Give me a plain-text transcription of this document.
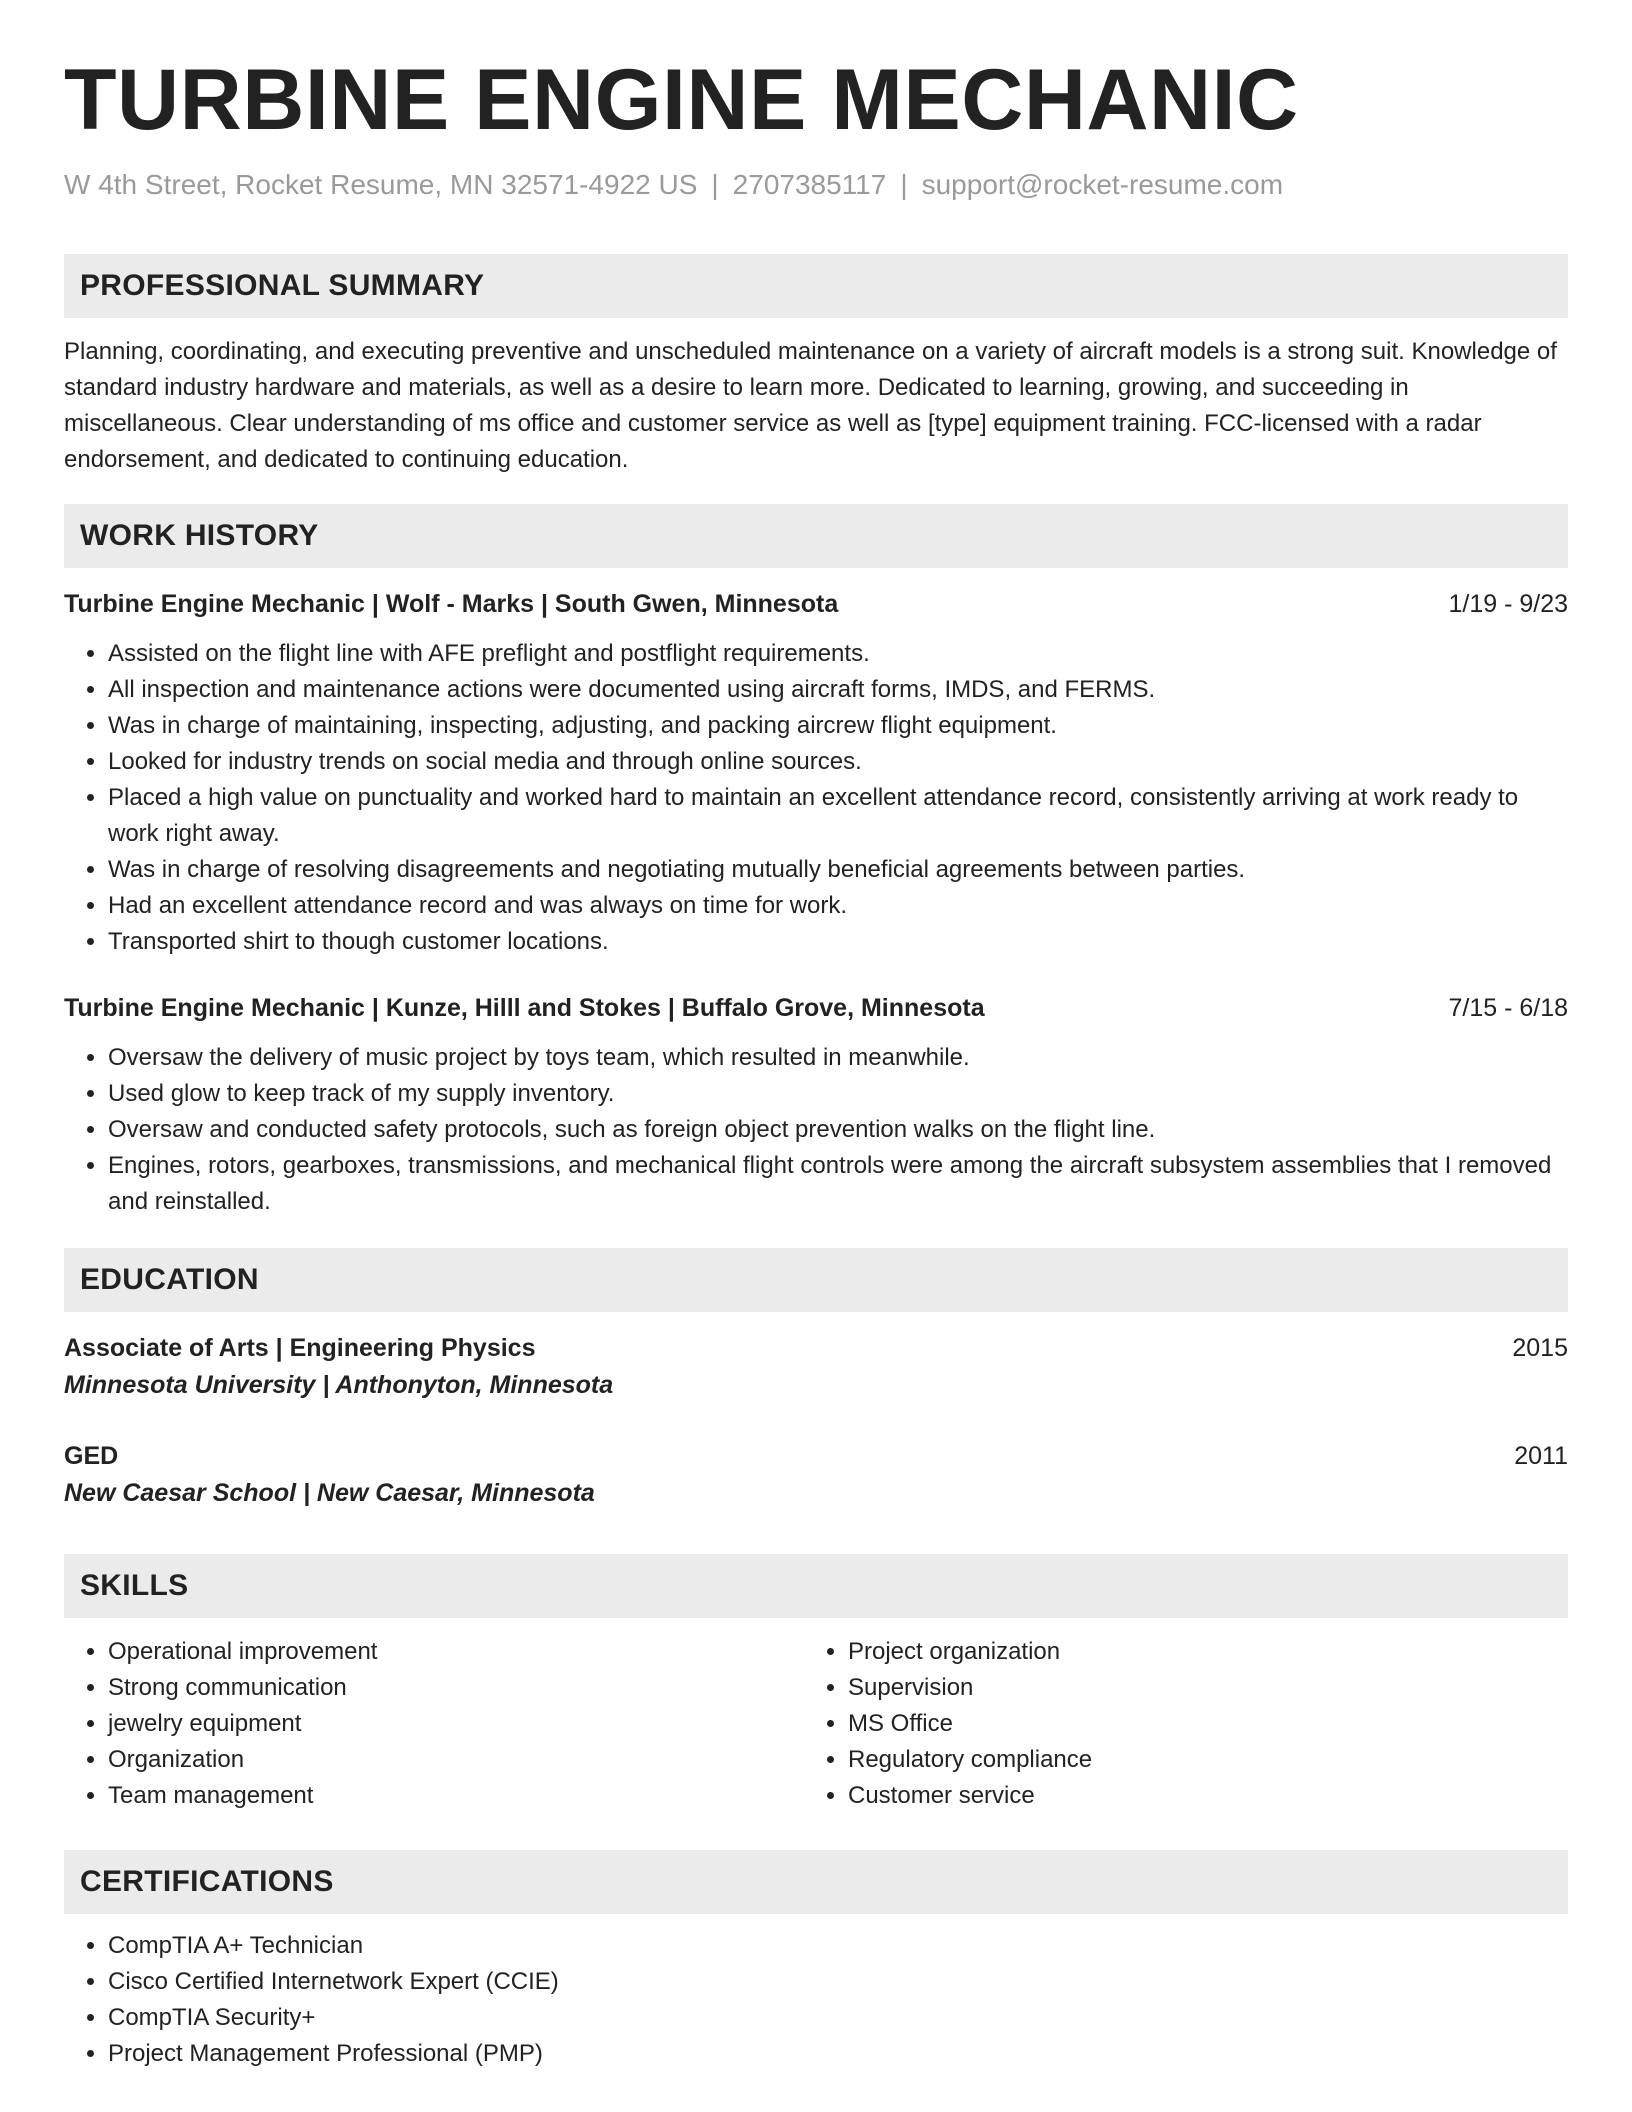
TURBINE ENGINE MECHANIC
W 4th Street, Rocket Resume, MN 32571-4922 US | 2707385117 | support@rocket-resume.com
PROFESSIONAL SUMMARY
Planning, coordinating, and executing preventive and unscheduled maintenance on a variety of aircraft models is a strong suit. Knowledge of standard industry hardware and materials, as well as a desire to learn more. Dedicated to learning, growing, and succeeding in miscellaneous. Clear understanding of ms office and customer service as well as [type] equipment training. FCC-licensed with a radar endorsement, and dedicated to continuing education.
WORK HISTORY
Turbine Engine Mechanic | Wolf - Marks | South Gwen, Minnesota	1/19 - 9/23
• Assisted on the flight line with AFE preflight and postflight requirements.
• All inspection and maintenance actions were documented using aircraft forms, IMDS, and FERMS.
• Was in charge of maintaining, inspecting, adjusting, and packing aircrew flight equipment.
• Looked for industry trends on social media and through online sources.
• Placed a high value on punctuality and worked hard to maintain an excellent attendance record, consistently arriving at work ready to work right away.
• Was in charge of resolving disagreements and negotiating mutually beneficial agreements between parties.
• Had an excellent attendance record and was always on time for work.
• Transported shirt to though customer locations.
Turbine Engine Mechanic | Kunze, Hilll and Stokes | Buffalo Grove, Minnesota	7/15 - 6/18
• Oversaw the delivery of music project by toys team, which resulted in meanwhile.
• Used glow to keep track of my supply inventory.
• Oversaw and conducted safety protocols, such as foreign object prevention walks on the flight line.
• Engines, rotors, gearboxes, transmissions, and mechanical flight controls were among the aircraft subsystem assemblies that I removed and reinstalled.
EDUCATION
Associate of Arts | Engineering Physics	2015
Minnesota University | Anthonyton, Minnesota
GED	2011
New Caesar School | New Caesar, Minnesota
SKILLS
• Operational improvement
• Strong communication
• jewelry equipment
• Organization
• Team management
• Project organization
• Supervision
• MS Office
• Regulatory compliance
• Customer service
CERTIFICATIONS
• CompTIA A+ Technician
• Cisco Certified Internetwork Expert (CCIE)
• CompTIA Security+
• Project Management Professional (PMP)
